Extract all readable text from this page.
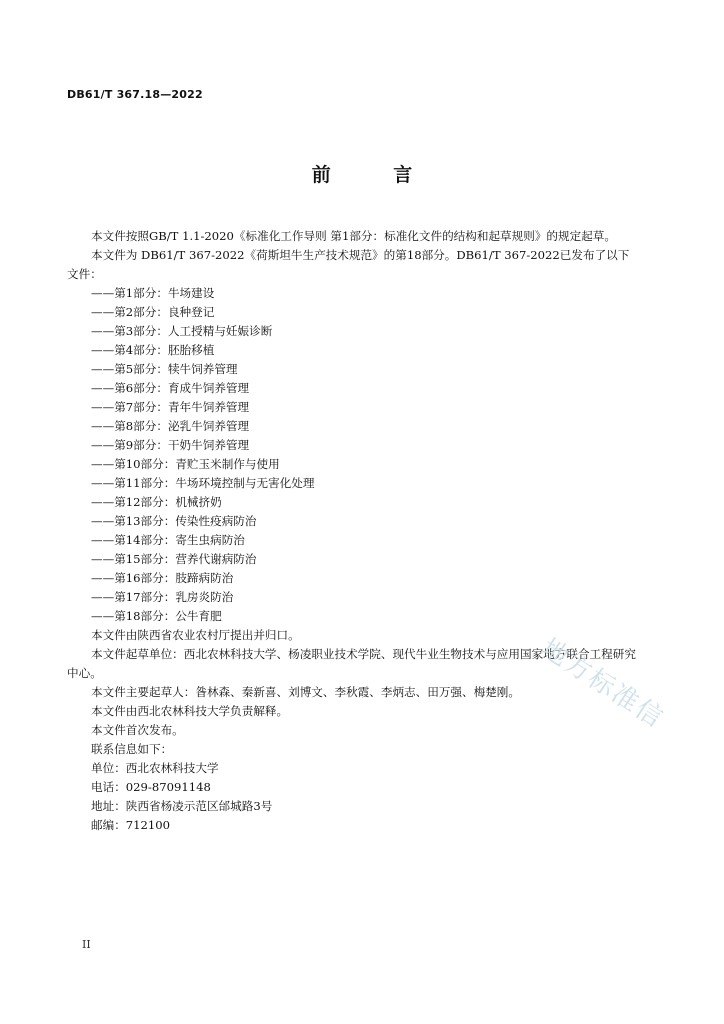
DB61/T 367.18—2022
前 言

本文件按照GB/T 1.1-2020《标准化工作导则 第1部分：标准化文件的结构和起草规则》的规定起草。

本文件为 DB61/T 367-2022《荷斯坦牛生产技术规范》的第18部分。DB61/T 367-2022已发布了以下文件：

——第1部分：牛场建设

——第2部分：良种登记

——第3部分：人工授精与妊娠诊断

——第4部分：胚胎移植

——第5部分：犊牛饲养管理

——第6部分：育成牛饲养管理

——第7部分：青年牛饲养管理

——第8部分：泌乳牛饲养管理

——第9部分：干奶牛饲养管理

——第10部分：青贮玉米制作与使用

——第11部分：牛场环境控制与无害化处理

——第12部分：机械挤奶

——第13部分：传染性疫病防治

——第14部分：寄生虫病防治

——第15部分：营养代谢病防治

——第16部分：肢蹄病防治

——第17部分：乳房炎防治

——第18部分：公牛育肥

本文件由陕西省农业农村厅提出并归口。

本文件起草单位：西北农林科技大学、杨凌职业技术学院、现代牛业生物技术与应用国家地方联合工程研究中心。

本文件主要起草人：昝林森、秦新喜、刘博文、李秋霞、李炳志、田万强、梅楚刚。

本文件由西北农林科技大学负责解释。

本文件首次发布。

联系信息如下：

单位：西北农林科技大学

电话：029-87091148

地址：陕西省杨凌示范区邰城路3号

邮编：712100

地方标准信
II
